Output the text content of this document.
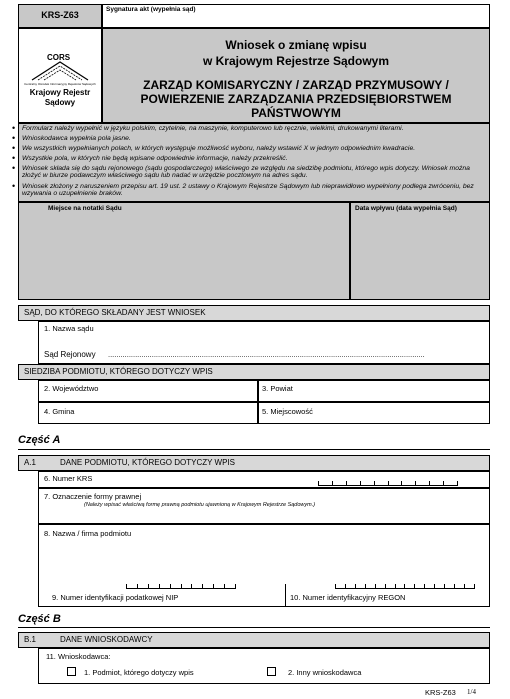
KRS-Z63
Sygnatura akt (wypełnia sąd)
CORS
Centralny Ośrodek Informacyjny Rejestrów Sądowych
Krajowy Rejestr Sądowy
Wniosek o zmianę wpisu
w Krajowym Rejestrze Sądowym
ZARZĄD KOMISARYCZNY / ZARZĄD PRZYMUSOWY / POWIERZENIE ZARZĄDZANIA PRZEDSIĘBIORSTWEM PAŃSTWOWYM
• Formularz należy wypełnić w języku polskim, czytelnie, na maszynie, komputerowo lub ręcznie, wielkimi, drukowanymi literami.
• Wnioskodawca wypełnia pola jasne.
• We wszystkich wypełnianych polach, w których występuje możliwość wyboru, należy wstawić X w jednym odpowiednim kwadracie.
• Wszystkie pola, w których nie będą wpisane odpowiednie informacje, należy przekreślić.
• Wniosek składa się do sądu rejonowego (sądu gospodarczego) właściwego ze względu na siedzibę podmiotu, którego wpis dotyczy. Wniosek można złożyć w biurze podawczym właściwego sądu lub nadać w urzędzie pocztowym na adres sądu.
• Wniosek złożony z naruszeniem przepisu art. 19 ust. 2 ustawy o Krajowym Rejestrze Sądowym lub nieprawidłowo wypełniony podlega zwróceniu, bez wzywania o uzupełnienie braków.
Miejsce na notatki Sądu	Data wpływu (data wypełnia Sąd)
SĄD, DO KTÓREGO SKŁADANY JEST WNIOSEK
1. Nazwa sądu
Sąd Rejonowy ........................................................................................................................................................
SIEDZIBA PODMIOTU, KTÓREGO DOTYCZY WPIS
2. Województwo	3. Powiat
4. Gmina	5. Miejscowość
Część A
A.1	DANE PODMIOTU, KTÓREGO DOTYCZY WPIS
6. Numer KRS
7. Oznaczenie formy prawnej
(Należy wpisać właściwą formę prawną podmiotu ujawnioną w Krajowym Rejestrze Sądowym.)
8. Nazwa / firma podmiotu
9. Numer identyfikacji podatkowej NIP	10. Numer identyfikacyjny REGON
Część B
B.1	DANE WNIOSKODAWCY
11. Wnioskodawca:
1. Podmiot, którego dotyczy wpis	2. Inny wnioskodawca
KRS-Z63 1/4
